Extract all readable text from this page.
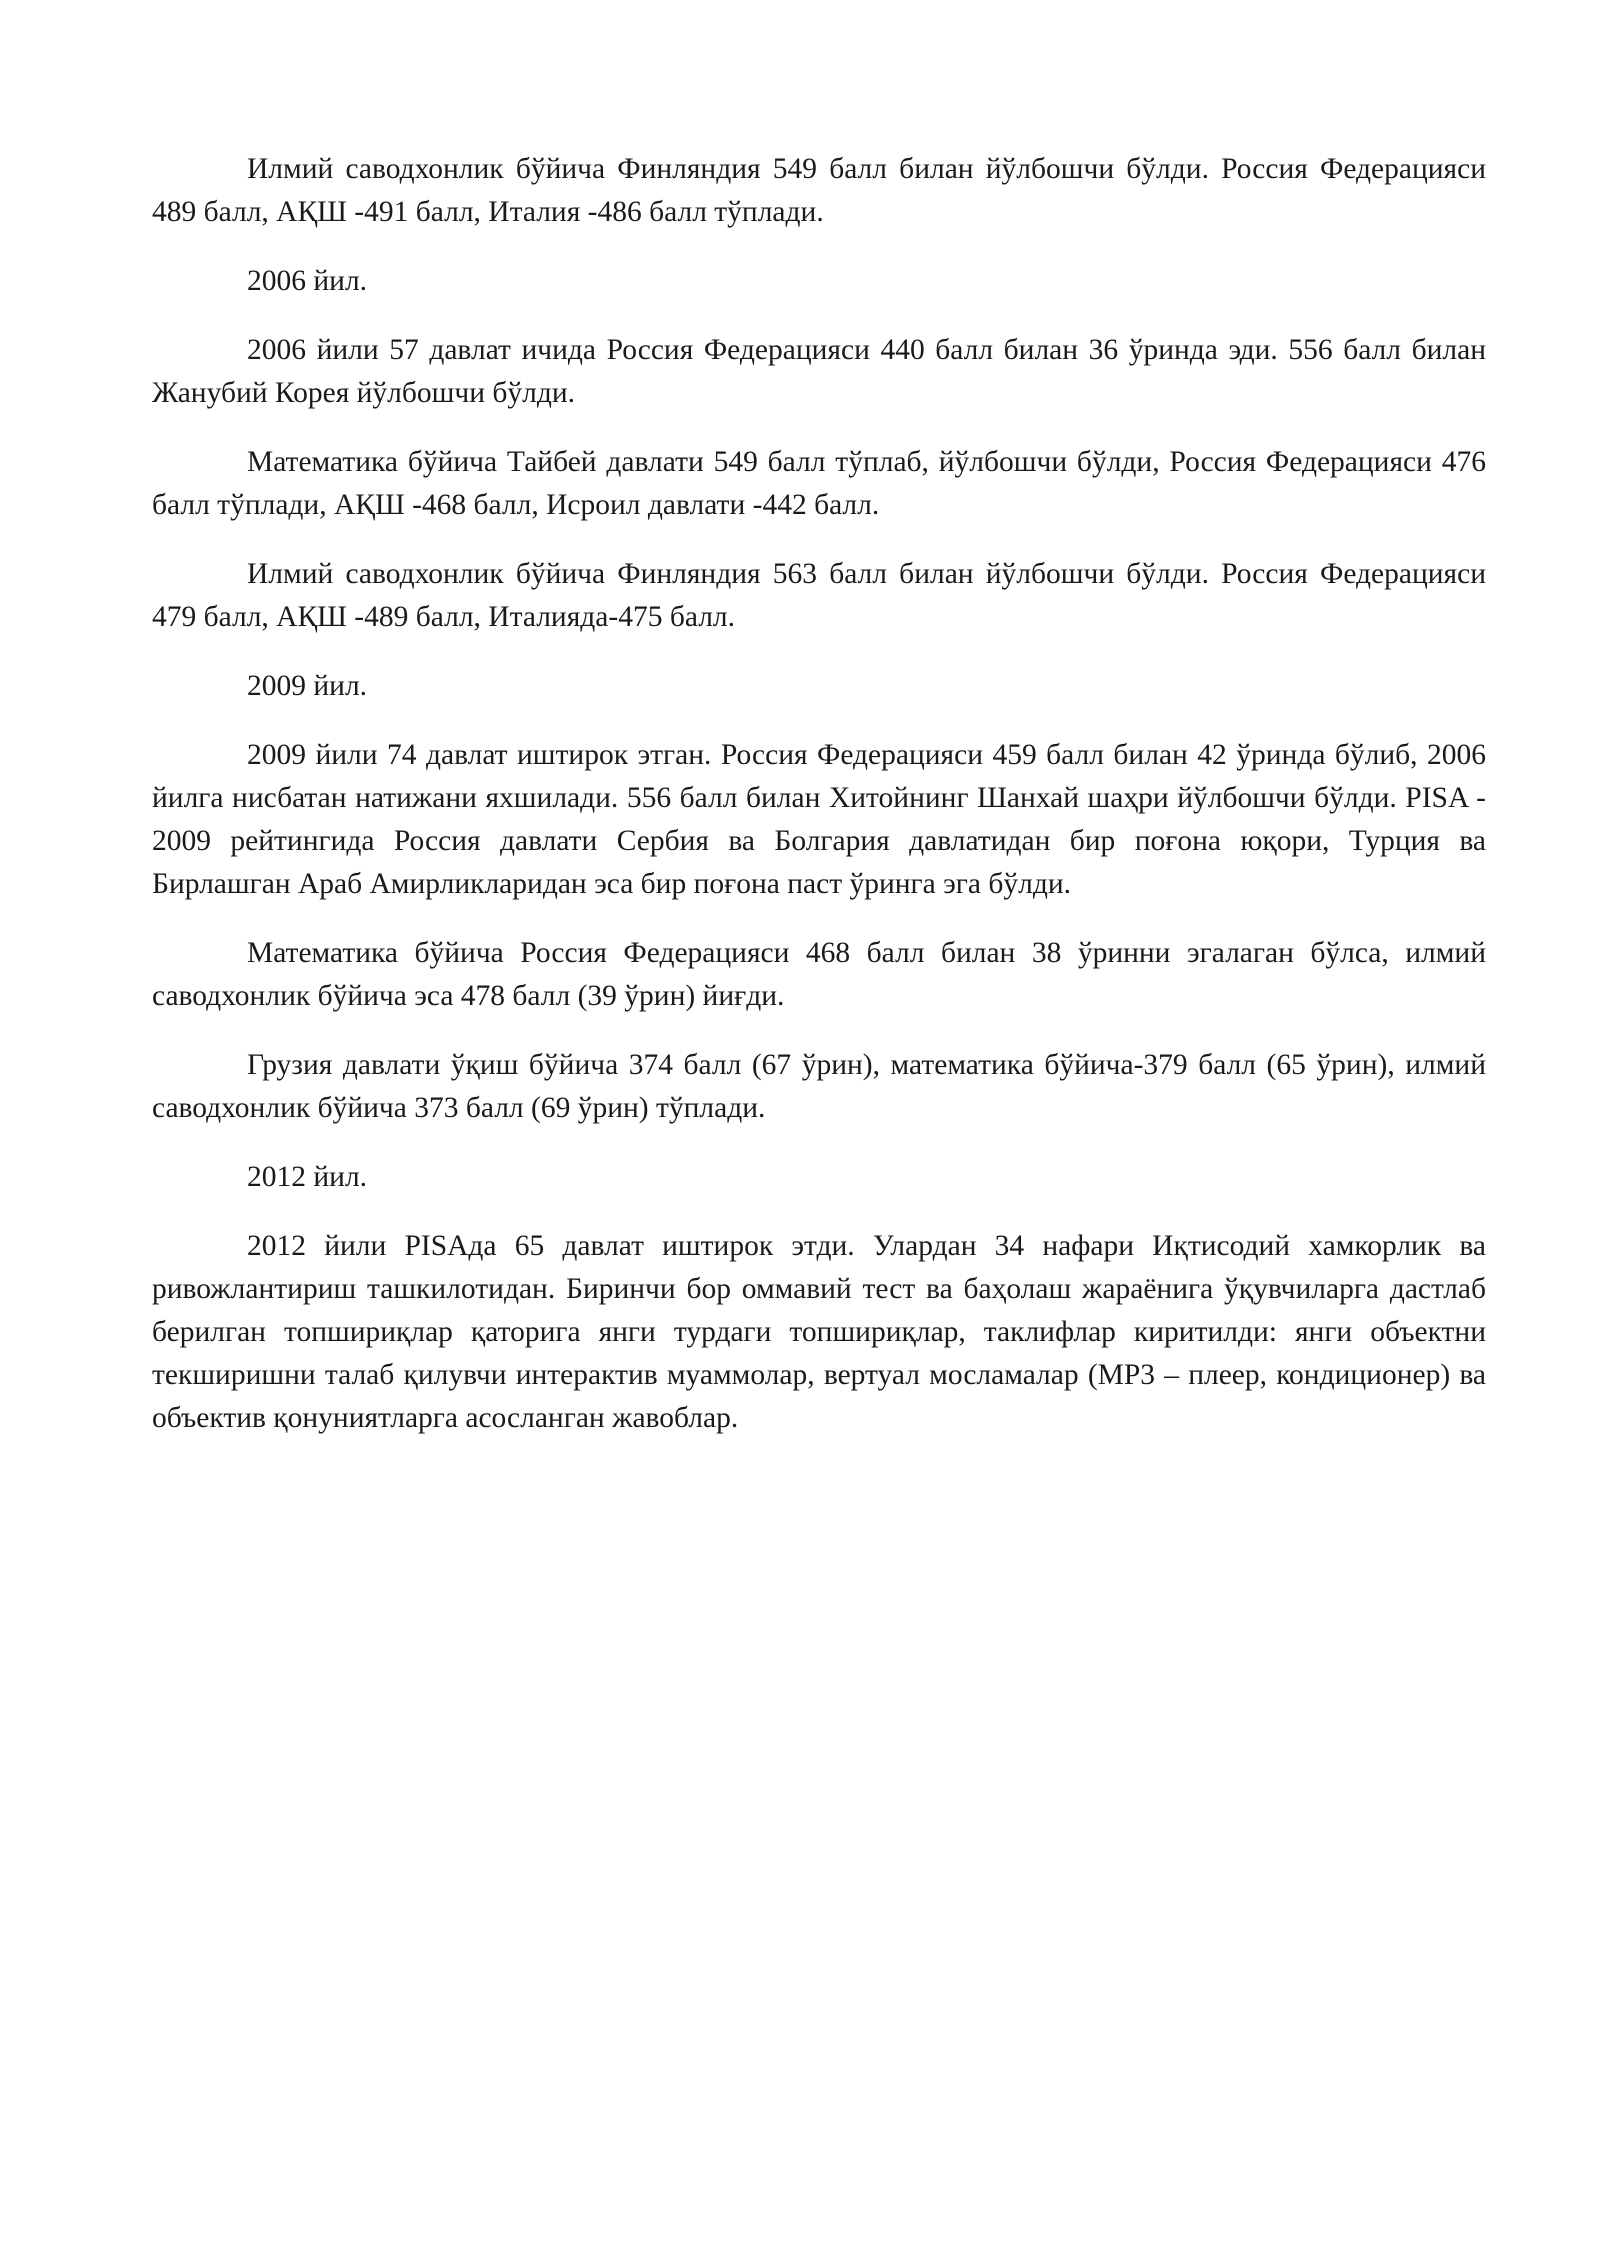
Илмий саводхонлик бўйича Финляндия 549 балл билан йўлбошчи бўлди. Россия Федерацияси 489 балл, АҚШ -491 балл, Италия -486 балл тўплади.

2006 йил.

2006 йили 57 давлат ичида Россия Федерацияси 440 балл билан 36 ўринда эди. 556 балл билан Жанубий Корея йўлбошчи бўлди.

Математика бўйича Тайбей давлати 549 балл тўплаб, йўлбошчи бўлди, Россия Федерацияси 476 балл тўплади, АҚШ -468 балл, Исроил давлати -442 балл.

Илмий саводхонлик бўйича Финляндия 563 балл билан йўлбошчи бўлди. Россия Федерацияси 479 балл, АҚШ -489 балл, Италияда-475 балл.

2009 йил.

2009 йили 74 давлат иштирок этган. Россия Федерацияси 459 балл билан 42 ўринда бўлиб, 2006 йилга нисбатан натижани яхшилади. 556 балл билан Хитойнинг Шанхай шаҳри йўлбошчи бўлди. PISA - 2009 рейтингида Россия давлати Сербия ва Болгария давлатидан бир поғона юқори, Турция ва Бирлашган Араб Амирликларидан эса бир поғона паст ўринга эга бўлди.

Математика бўйича Россия Федерацияси 468 балл билан 38 ўринни эгалаган бўлса, илмий саводхонлик бўйича эса 478 балл (39 ўрин) йиғди.

Грузия давлати ўқиш бўйича 374 балл (67 ўрин), математика бўйича-379 балл (65 ўрин), илмий саводхонлик бўйича 373 балл (69 ўрин) тўплади.

2012 йил.

2012 йили PISAда 65 давлат иштирок этди. Улардан 34 нафари Иқтисодий хамкорлик ва ривожлантириш ташкилотидан. Биринчи бор оммавий тест ва баҳолаш жараёнига ўқувчиларга дастлаб берилган топшириқлар қаторига янги турдаги топшириқлар, таклифлар киритилди: янги объектни текширишни талаб қилувчи интерактив муаммолар, вертуал мосламалар (MP3 – плеер, кондиционер) ва объектив қонуниятларга асосланган жавоблар.
